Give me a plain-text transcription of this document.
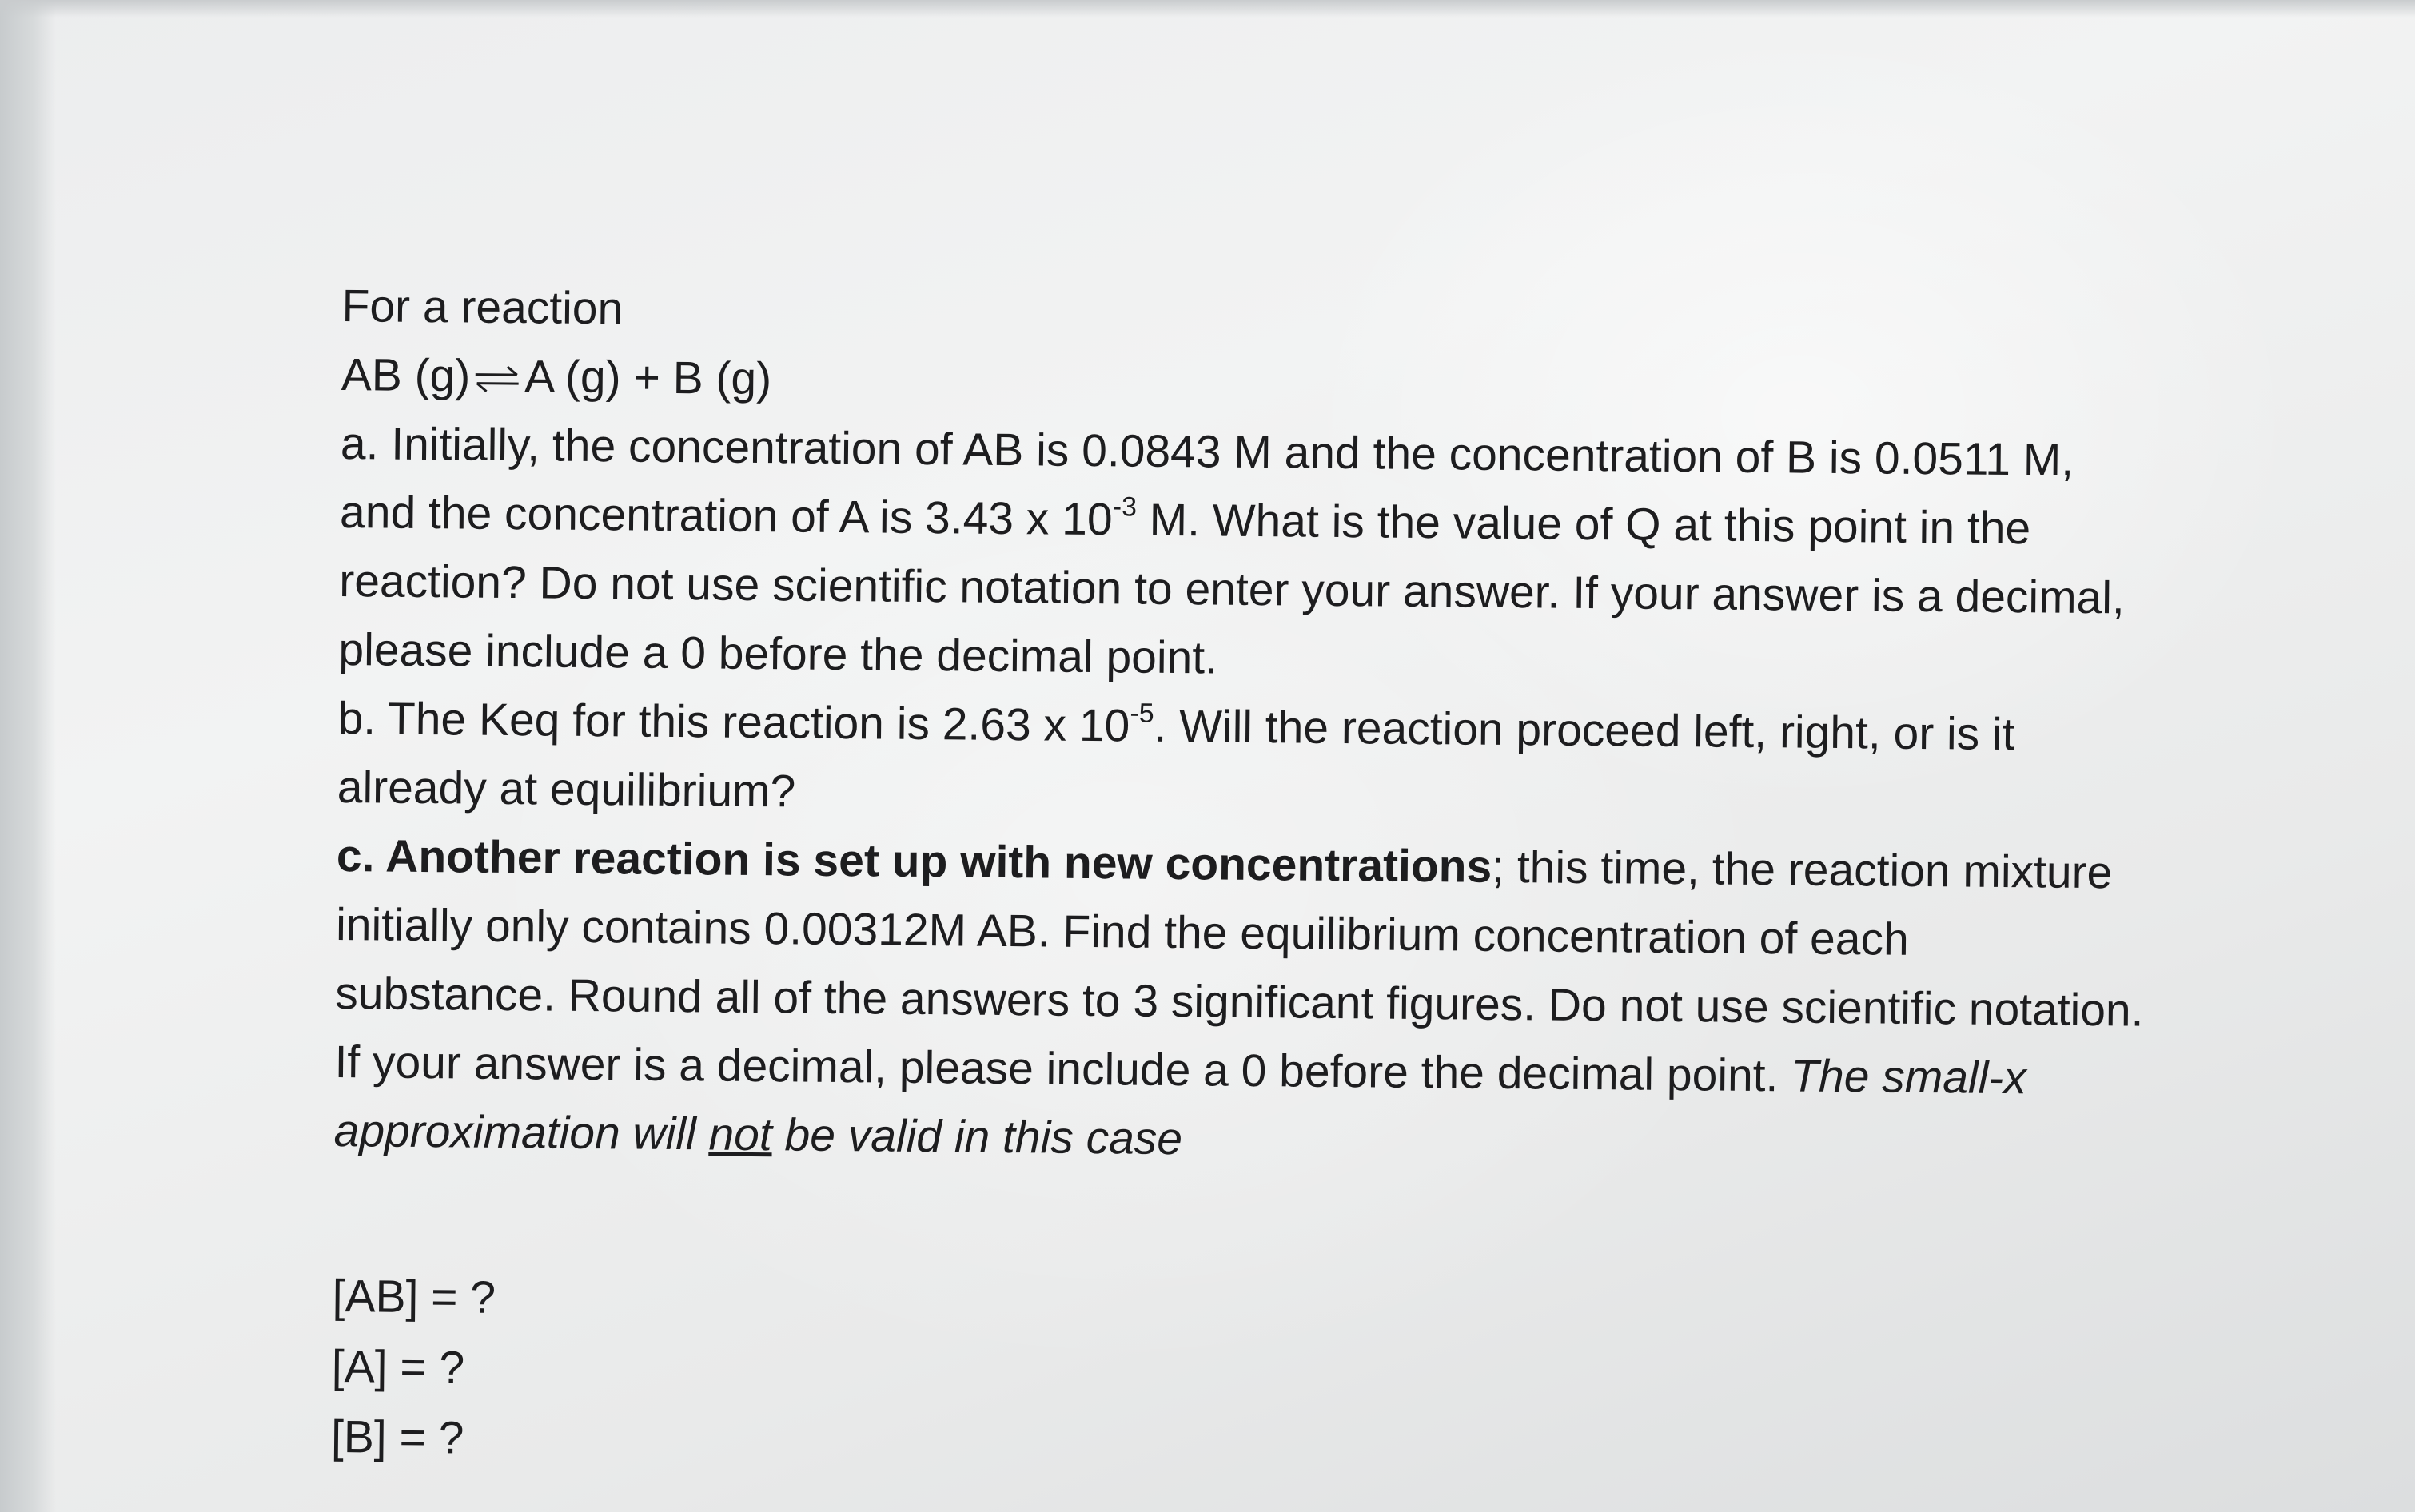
For a reaction

AB (g)⇌ A (g) + B (g)

a. Initially, the concentration of AB is 0.0843 M and the concentration of B is 0.0511 M,

and the concentration of A is 3.43 x $10^{-3}$ M. What is the value of Q at this point in the

reaction? Do not use scientific notation to enter your answer. If your answer is a decimal,

please include a 0 before the decimal point.

b. The Keq for this reaction is 2.63 x $10^{-5}$. Will the reaction proceed left, right, or is it

already at equilibrium?

c. Another reaction is set up with new concentrations; this time, the reaction mixture

initially only contains 0.00312M AB. Find the equilibrium concentration of each

substance. Round all of the answers to 3 significant figures. Do not use scientific notation.

If your answer is a decimal, please include a 0 before the decimal point. The small-x

approximation will not be valid in this case

[AB] = ?

[A] = ?

[B] = ?
